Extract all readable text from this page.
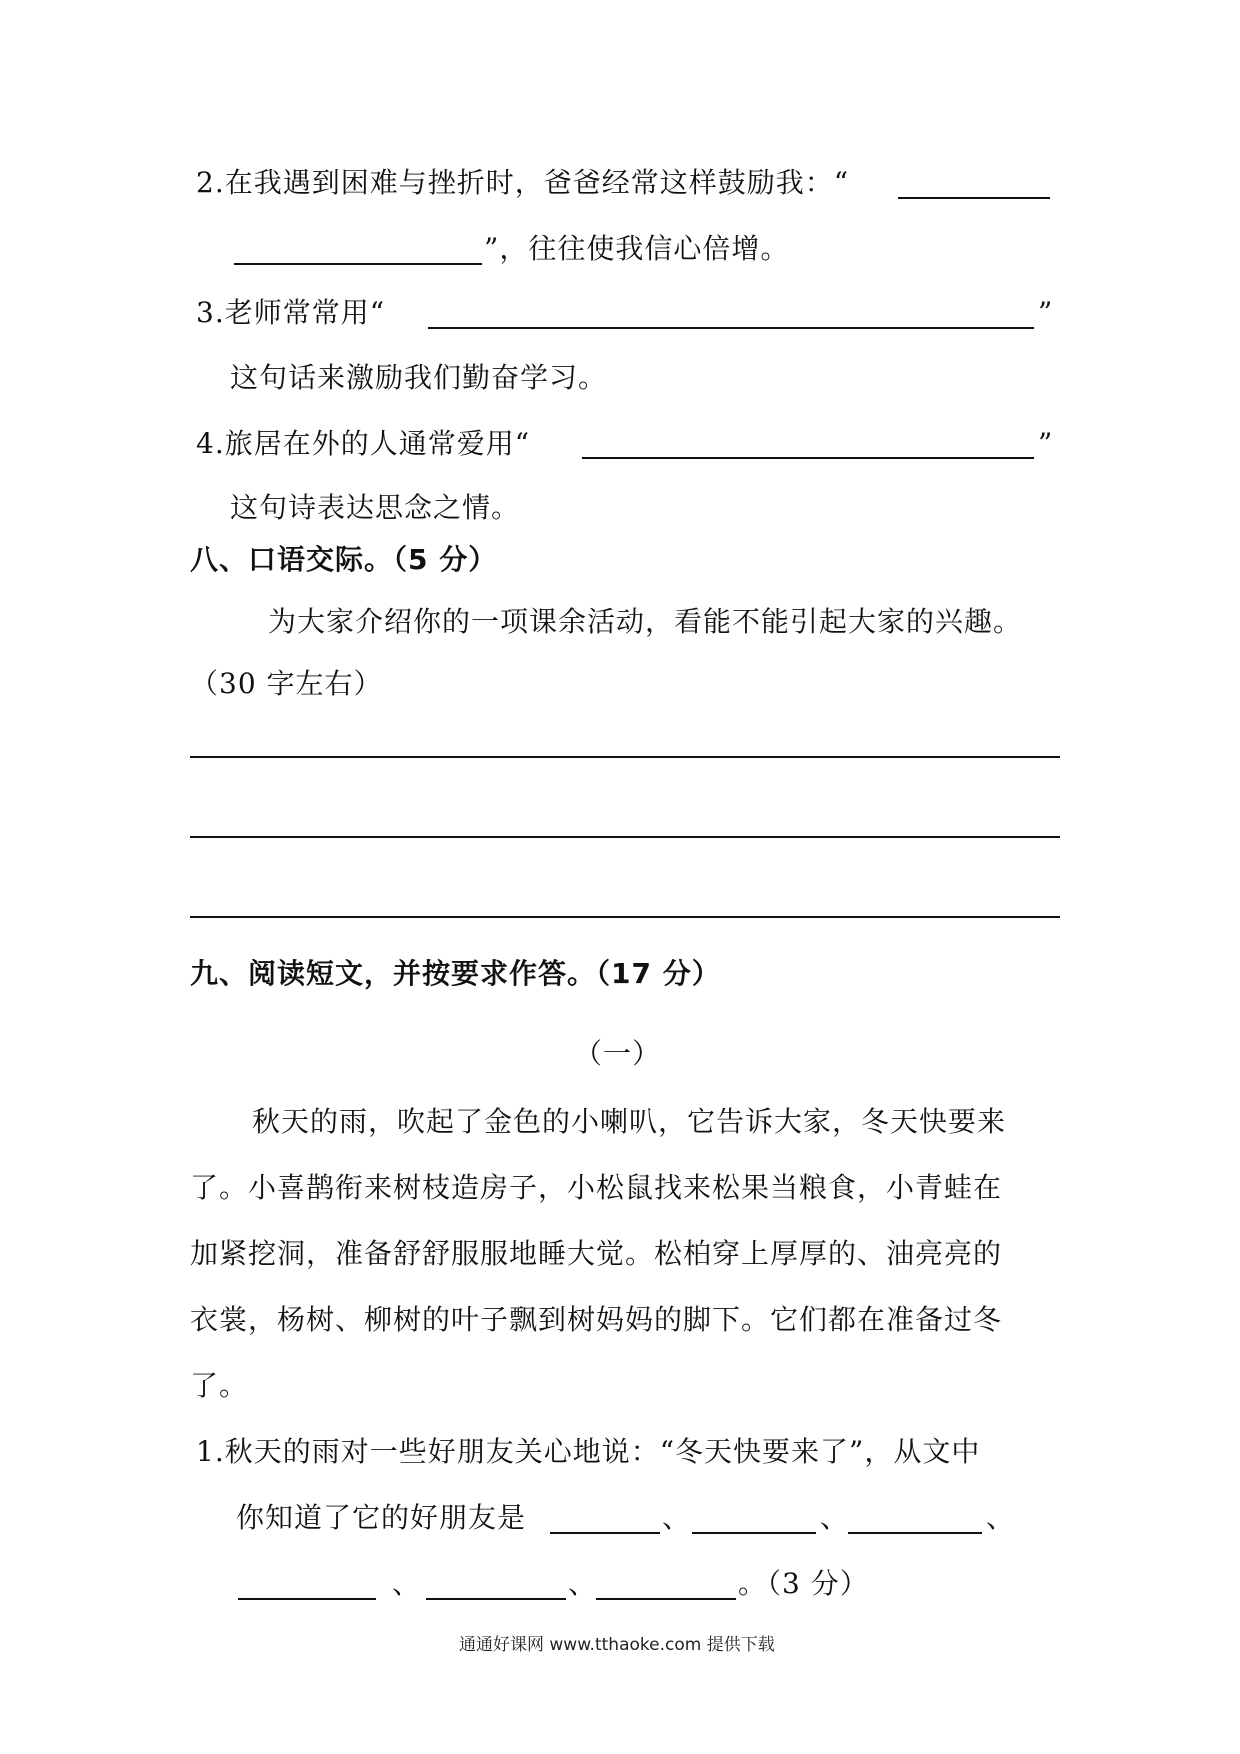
2.在我遇到困难与挫折时，爸爸经常这样鼓励我：“
”，往往使我信心倍增。
3.老师常常用“	”
这句话来激励我们勤奋学习。
4.旅居在外的人通常爱用“	”
这句诗表达思念之情。
八、口语交际。（5 分）
为大家介绍你的一项课余活动，看能不能引起大家的兴趣。
（30 字左右）
九、阅读短文，并按要求作答。（17 分）
（一）
秋天的雨，吹起了金色的小喇叭，它告诉大家，冬天快要来
了。小喜鹊衔来树枝造房子，小松鼠找来松果当粮食，小青蛙在
加紧挖洞，准备舒舒服服地睡大觉。松柏穿上厚厚的、油亮亮的
衣裳，杨树、柳树的叶子飘到树妈妈的脚下。它们都在准备过冬
了。
1.秋天的雨对一些好朋友关心地说：“冬天快要来了”，从文中
你知道了它的好朋友是	、	、	、
、	、	。（3 分）
通通好课网 www.tthaoke.com 提供下载
